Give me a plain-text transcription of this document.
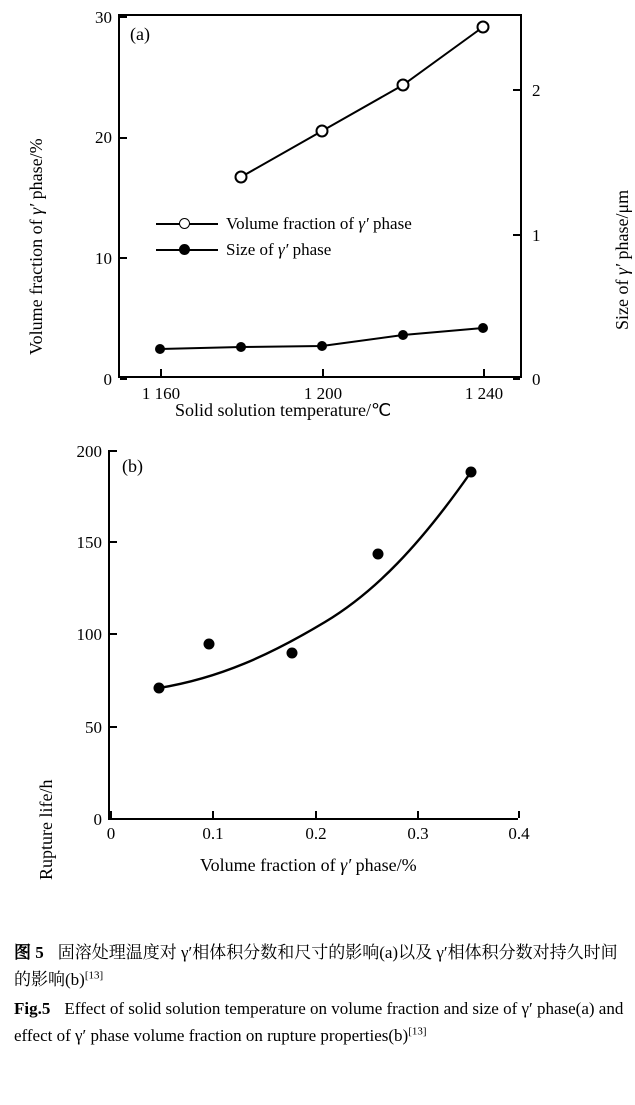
Volume fraction of γ′ phase/%
Size of γ′ phase/μm
Solid solution temperature/℃
(a)
0
10
20
30
0
1
2
1 160	1 200	1 240
Volume fraction of γ′ phase
Size of γ′ phase
Rupture life/h	Volume fraction of γ′ phase/%
(b)
0
50
100
150
200
0	0.1	0.2	0.3	0.4

图 5 固溶处理温度对 γ′相体积分数和尺寸的影响(a)以及 γ′相体积分数对持久时间的影响(b)[13]

Fig.5 Effect of solid solution temperature on volume fraction and size of γ′ phase(a) and effect of γ′ phase volume fraction on rupture properties(b)[13]
